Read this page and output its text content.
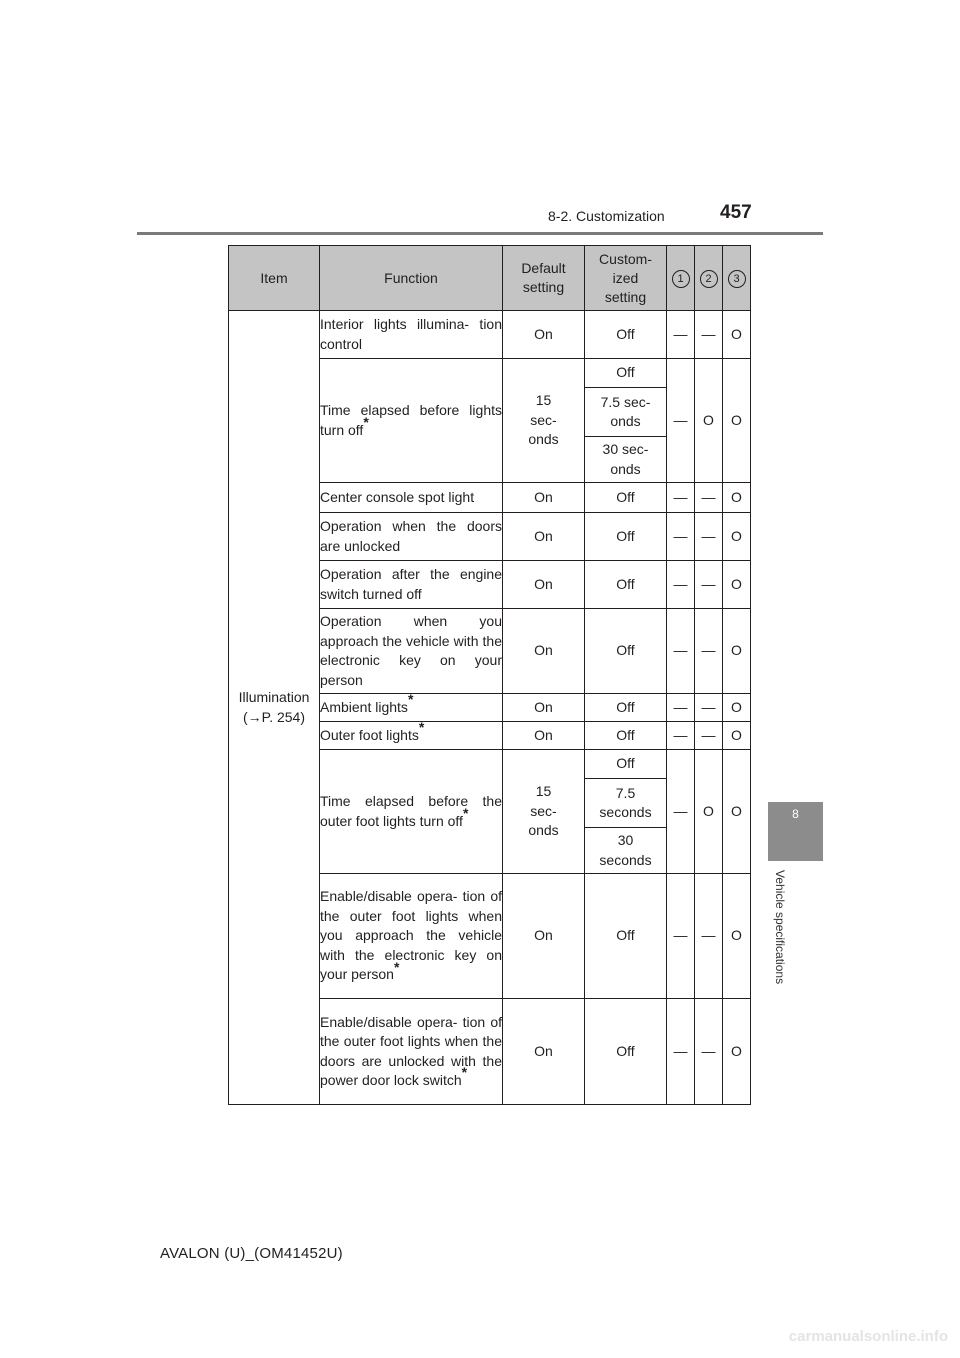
8-2. Customization	457
8
Vehicle specifications
Item	Function	Default setting	Custom- ized setting	1	2	3

Illumination
(→P. 254)	Interior lights illumina- tion control	On	Off	—	—	O
	Time elapsed before lights turn off*	15 sec- onds	Off	—	O	O
			7.5 sec- onds			
			30 sec- onds			
	Center console spot light	On	Off	—	—	O
	Operation when the doors are unlocked	On	Off	—	—	O
	Operation after the engine switch turned off	On	Off	—	—	O
	Operation when you approach the vehicle with the electronic key on your person	On	Off	—	—	O
	Ambient lights*	On	Off	—	—	O
	Outer foot lights*	On	Off	—	—	O
	Time elapsed before the outer foot lights turn off*	15 sec- onds	Off	—	O	O
			7.5 seconds			
			30 seconds			
	Enable/disable opera- tion of the outer foot lights when you approach the vehicle with the electronic key on your person*	On	Off	—	—	O
	Enable/disable opera- tion of the outer foot lights when the doors are unlocked with the power door lock switch*	On	Off	—	—	O
AVALON (U)_(OM41452U)
carmanualsonline.info
